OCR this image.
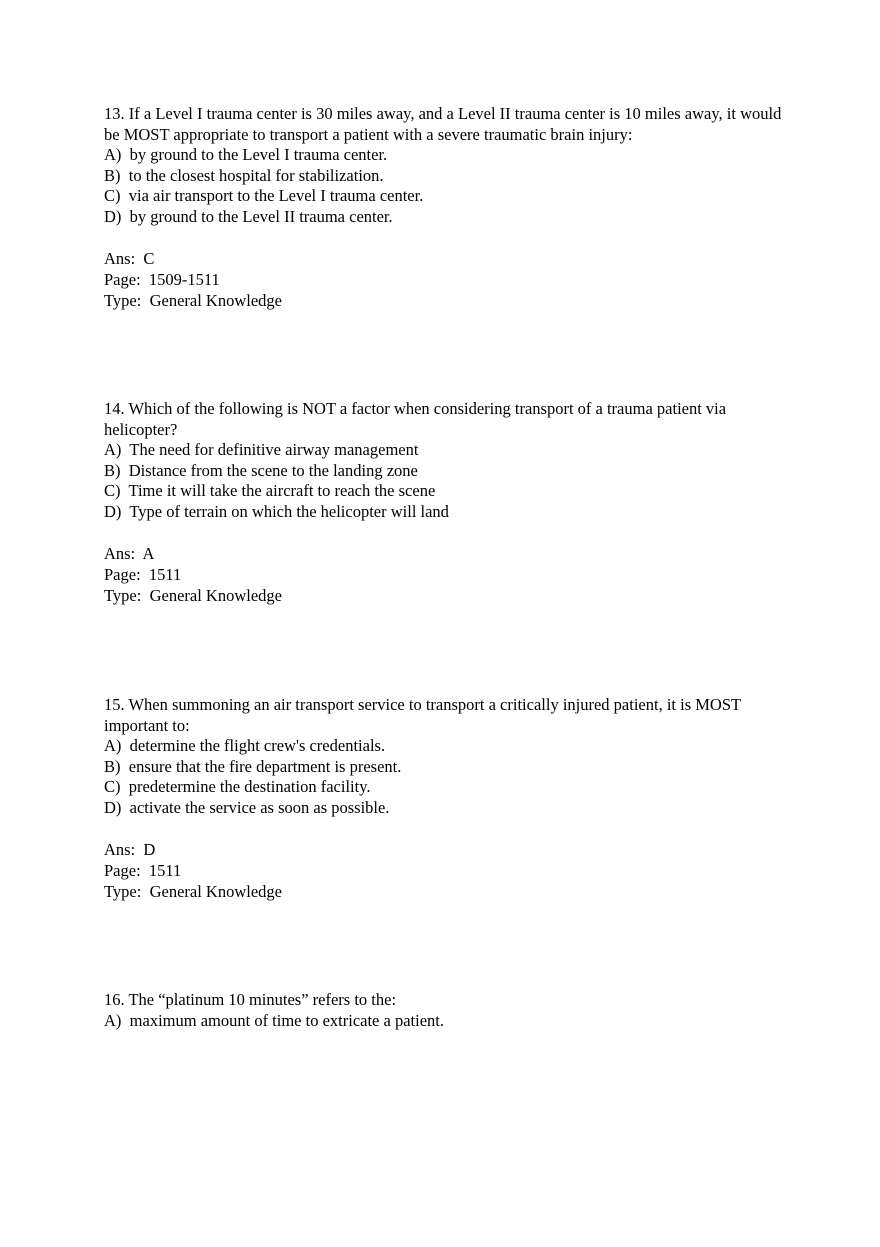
13. If a Level I trauma center is 30 miles away, and a Level II trauma center is 10 miles away, it would be MOST appropriate to transport a patient with a severe traumatic brain injury:

A)  by ground to the Level I trauma center.

B)  to the closest hospital for stabilization.

C)  via air transport to the Level I trauma center.

D)  by ground to the Level II trauma center.

Ans:  C

Page:  1509-1511

Type:  General Knowledge

14. Which of the following is NOT a factor when considering transport of a trauma patient via helicopter?

A)  The need for definitive airway management

B)  Distance from the scene to the landing zone

C)  Time it will take the aircraft to reach the scene

D)  Type of terrain on which the helicopter will land

Ans:  A

Page:  1511

Type:  General Knowledge

15. When summoning an air transport service to transport a critically injured patient, it is MOST important to:

A)  determine the flight crew's credentials.

B)  ensure that the fire department is present.

C)  predetermine the destination facility.

D)  activate the service as soon as possible.

Ans:  D

Page:  1511

Type:  General Knowledge

16. The “platinum 10 minutes” refers to the:

A)  maximum amount of time to extricate a patient.
